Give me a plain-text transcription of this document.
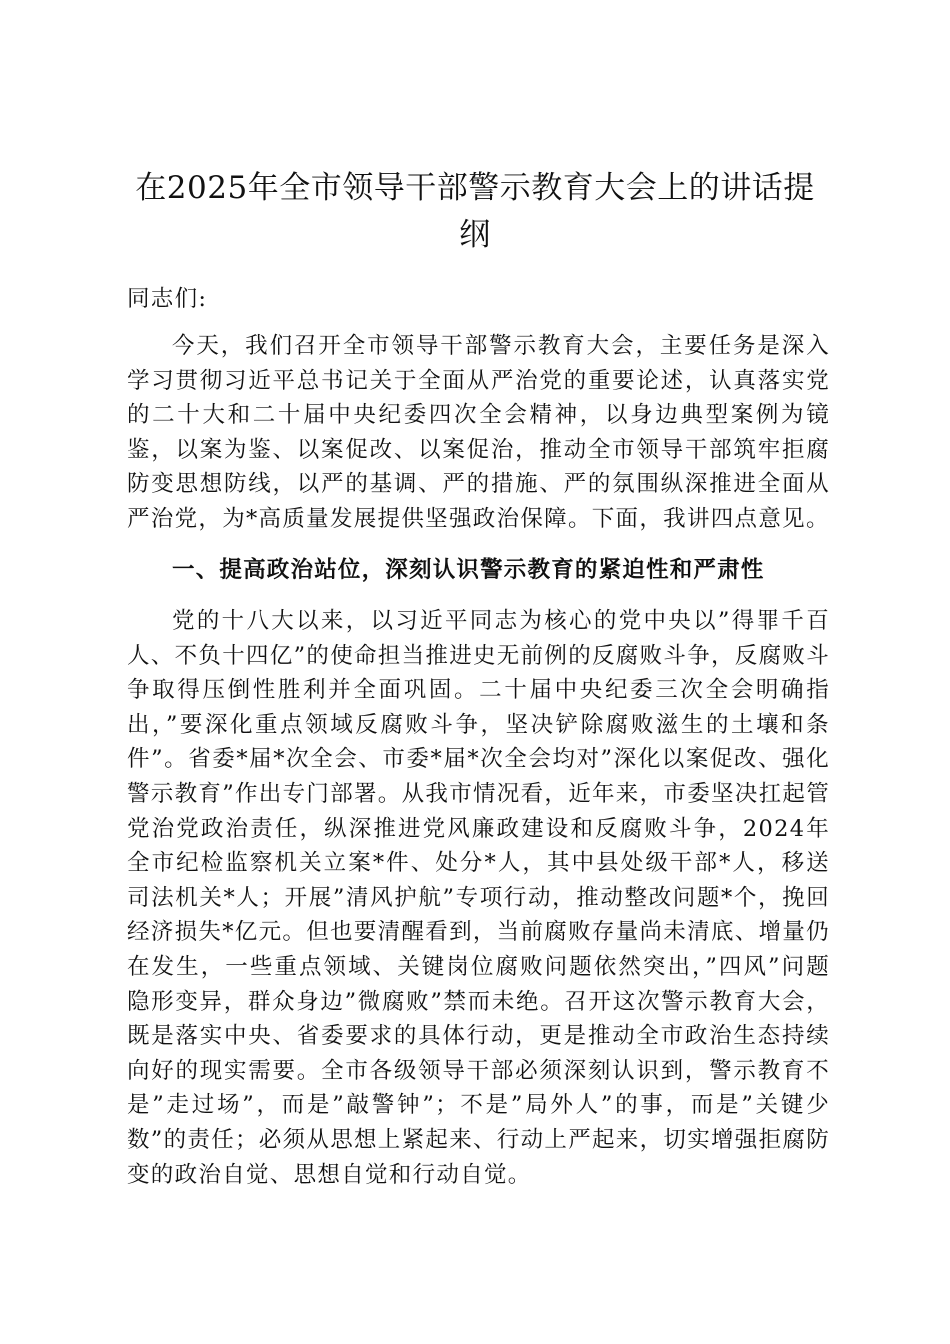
在2025年全市领导干部警示教育大会上的讲话提纲

同志们:

今天，我们召开全市领导干部警示教育大会，主要任务是深入学习贯彻习近平总书记关于全面从严治党的重要论述，认真落实党的二十大和二十届中央纪委四次全会精神，以身边典型案例为镜鉴，以案为鉴、以案促改、以案促治，推动全市领导干部筑牢拒腐防变思想防线，以严的基调、严的措施、严的氛围纵深推进全面从严治党，为*高质量发展提供坚强政治保障。下面，我讲四点意见。

一、提高政治站位，深刻认识警示教育的紧迫性和严肃性

党的十八大以来，以习近平同志为核心的党中央以”得罪千百人、不负十四亿”的使命担当推进史无前例的反腐败斗争，反腐败斗争取得压倒性胜利并全面巩固。二十届中央纪委三次全会明确指出，”要深化重点领域反腐败斗争，坚决铲除腐败滋生的土壤和条件”。省委*届*次全会、市委*届*次全会均对”深化以案促改、强化警示教育”作出专门部署。从我市情况看，近年来，市委坚决扛起管党治党政治责任，纵深推进党风廉政建设和反腐败斗争，2024年全市纪检监察机关立案*件、处分*人，其中县处级干部*人，移送司法机关*人；开展”清风护航”专项行动，推动整改问题*个，挽回经济损失*亿元。但也要清醒看到，当前腐败存量尚未清底、增量仍在发生，一些重点领域、关键岗位腐败问题依然突出，”四风”问题隐形变异，群众身边”微腐败”禁而未绝。召开这次警示教育大会，既是落实中央、省委要求的具体行动，更是推动全市政治生态持续向好的现实需要。全市各级领导干部必须深刻认识到，警示教育不是”走过场”，而是”敲警钟”；不是”局外人”的事，而是”关键少数”的责任；必须从思想上紧起来、行动上严起来，切实增强拒腐防变的政治自觉、思想自觉和行动自觉。
